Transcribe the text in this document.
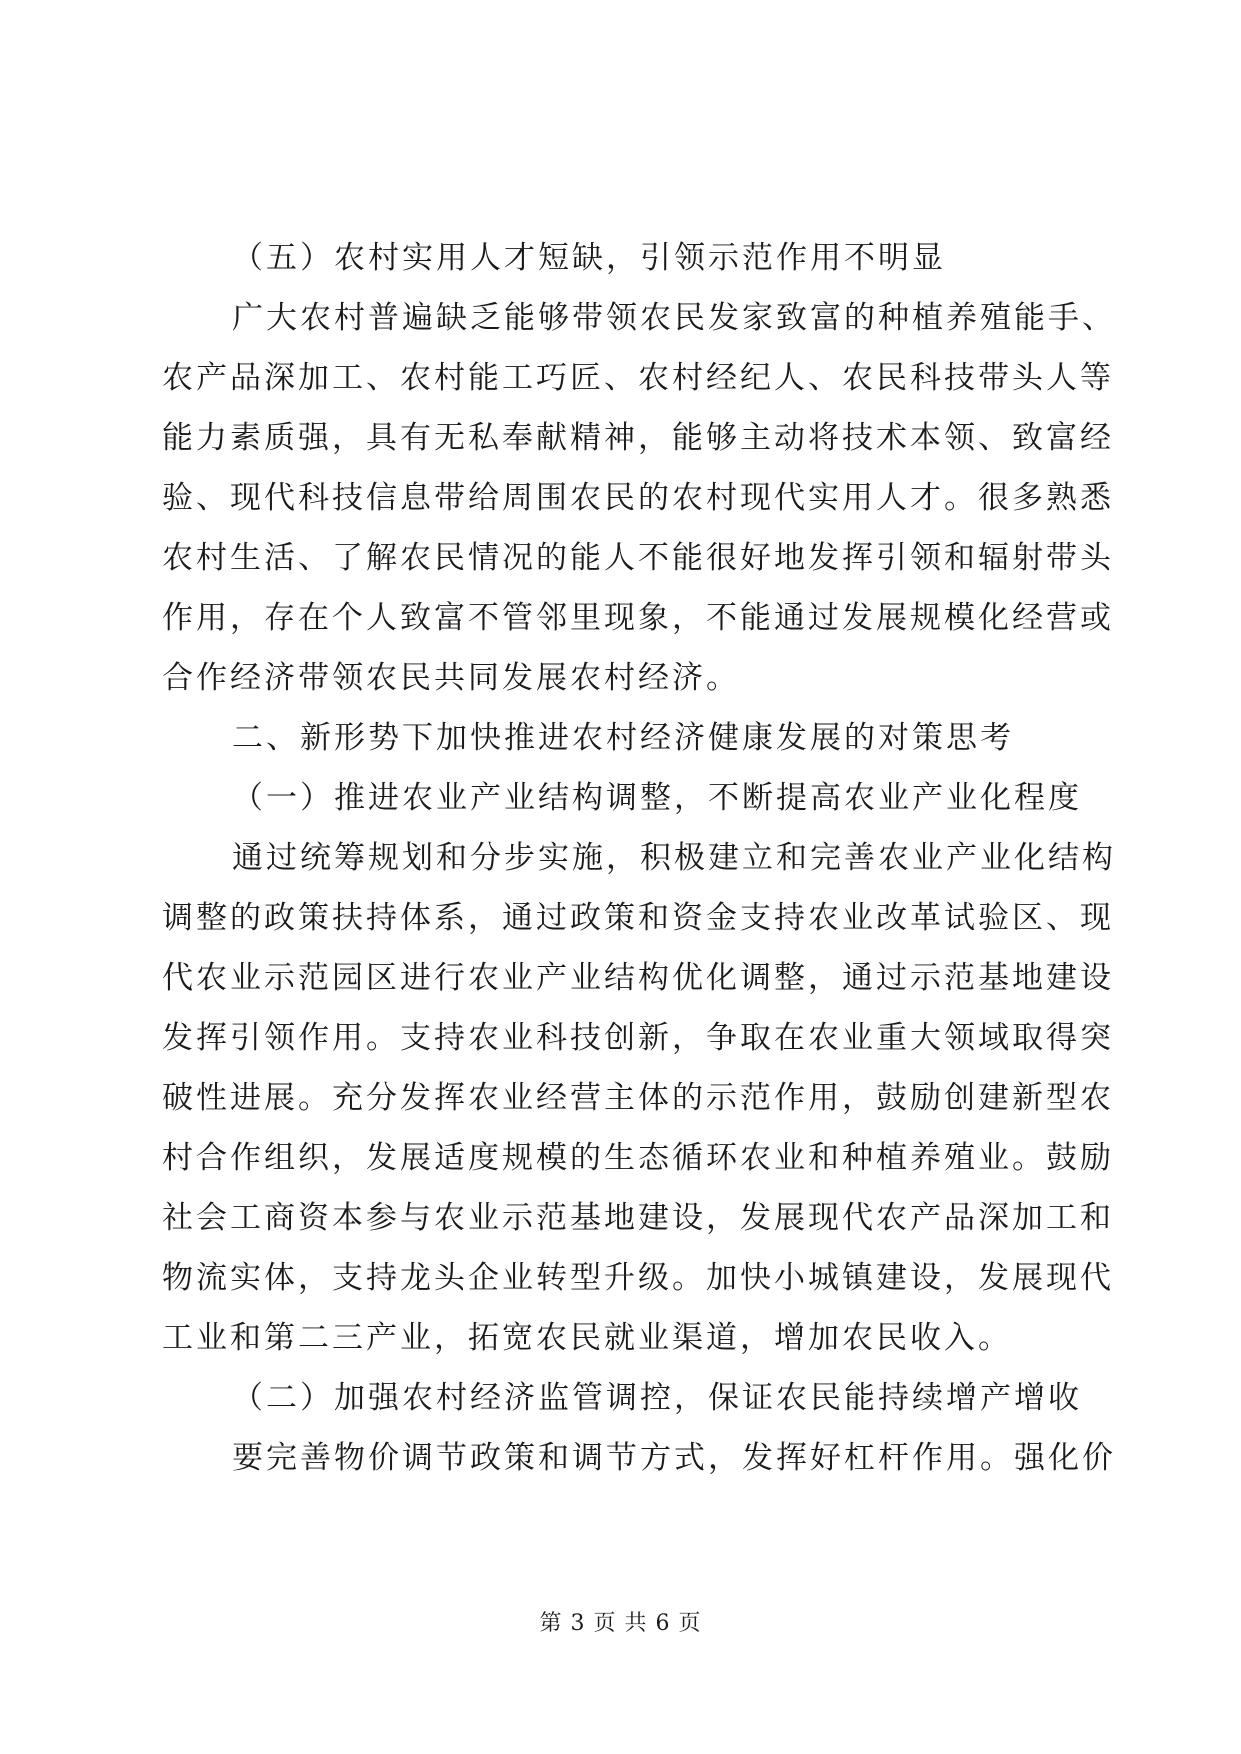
（五）农村实用人才短缺，引领示范作用不明显
广大农村普遍缺乏能够带领农民发家致富的种植养殖能手、
农产品深加工、农村能工巧匠、农村经纪人、农民科技带头人等
能力素质强，具有无私奉献精神，能够主动将技术本领、致富经
验、现代科技信息带给周围农民的农村现代实用人才。很多熟悉
农村生活、了解农民情况的能人不能很好地发挥引领和辐射带头
作用，存在个人致富不管邻里现象，不能通过发展规模化经营或
合作经济带领农民共同发展农村经济。
二、新形势下加快推进农村经济健康发展的对策思考
（一）推进农业产业结构调整，不断提高农业产业化程度
通过统筹规划和分步实施，积极建立和完善农业产业化结构
调整的政策扶持体系，通过政策和资金支持农业改革试验区、现
代农业示范园区进行农业产业结构优化调整，通过示范基地建设
发挥引领作用。支持农业科技创新，争取在农业重大领域取得突
破性进展。充分发挥农业经营主体的示范作用，鼓励创建新型农
村合作组织，发展适度规模的生态循环农业和种植养殖业。鼓励
社会工商资本参与农业示范基地建设，发展现代农产品深加工和
物流实体，支持龙头企业转型升级。加快小城镇建设，发展现代
工业和第二三产业，拓宽农民就业渠道，增加农民收入。
（二）加强农村经济监管调控，保证农民能持续增产增收
要完善物价调节政策和调节方式，发挥好杠杆作用。强化价
第 3 页 共 6 页
